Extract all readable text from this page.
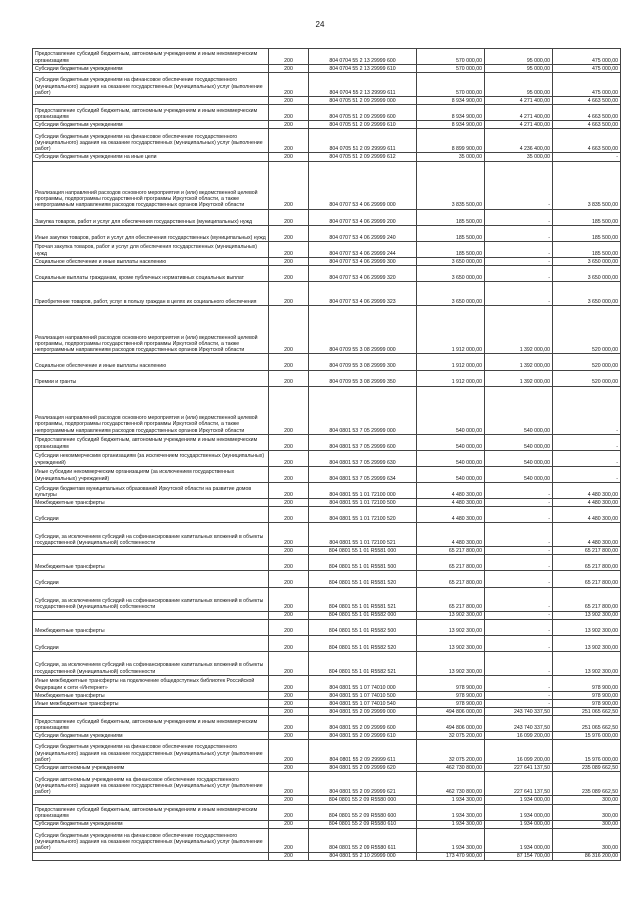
24
Предоставление субсидий бюджетным, автономным учреждениям и иным некоммерческим организациям	200	804 0704 55 2 13 29999 600	570 000,00	95 000,00	475 000,00
Субсидии бюджетным учреждениям	200	804 0704 55 2 13 29999 610	570 000,00	95 000,00	475 000,00
Субсидии бюджетным учреждениям на финансовое обеспечение государственного (муниципального) задания на оказание государственных (муниципальных) услуг (выполнение работ)	200	804 0704 55 2 13 29999 611	570 000,00	95 000,00	475 000,00
	200	804 0705 51 2 09 29999 000	8 934 900,00	4 271 400,00	4 663 500,00
Предоставление субсидий бюджетным, автономным учреждениям и иным некоммерческим организациям	200	804 0705 51 2 09 29999 600	8 934 900,00	4 271 400,00	4 663 500,00
Субсидии бюджетным учреждениям	200	804 0705 51 2 09 29999 610	8 934 900,00	4 271 400,00	4 663 500,00
Субсидии бюджетным учреждениям на финансовое обеспечение государственного (муниципального) задания на оказание государственных (муниципальных) услуг (выполнение работ)	200	804 0705 51 2 09 29999 611	8 899 900,00	4 236 400,00	4 663 500,00
Субсидии бюджетным учреждениям на иные цели	200	804 0705 51 2 09 29999 612	35 000,00	35 000,00	-
Реализация направлений расходов основного мероприятия и (или) ведомственной целевой программы, подпрограммы государственной программы Иркутской области, а также непрограммным направлениям расходов государственных органов Иркутской области	200	804 0707 53 4 06 29999 000	3 835 500,00	-	3 835 500,00
Закупка товаров, работ и услуг для обеспечения государственных (муниципальных) нужд	200	804 0707 53 4 06 29999 200	185 500,00	-	185 500,00
Иные закупки товаров, работ и услуг для обеспечения государственных (муниципальных) нужд	200	804 0707 53 4 06 29999 240	185 500,00	-	185 500,00
Прочая закупка товаров, работ и услуг для обеспечения государственных (муниципальных) нужд	200	804 0707 53 4 06 29999 244	185 500,00	-	185 500,00
Социальное обеспечение и иные выплаты населению	200	804 0707 53 4 06 29999 300	3 650 000,00	-	3 650 000,00
Социальные выплаты гражданам, кроме публичных нормативных социальных выплат	200	804 0707 53 4 06 29999 320	3 650 000,00	-	3 650 000,00
Приобретение товаров, работ, услуг в пользу граждан в целях их социального обеспечения	200	804 0707 53 4 06 29999 323	3 650 000,00	-	3 650 000,00
Реализация направлений расходов основного мероприятия и (или) ведомственной целевой программы, подпрограммы государственной программы Иркутской области, а также непрограммным направлениям расходов государственных органов Иркутской области	200	804 0709 55 3 08 29999 000	1 912 000,00	1 392 000,00	520 000,00
Социальное обеспечение и иные выплаты населению	200	804 0709 55 3 08 29999 300	1 912 000,00	1 392 000,00	520 000,00
Премии и гранты	200	804 0709 55 3 08 29999 350	1 912 000,00	1 392 000,00	520 000,00
Реализация направлений расходов основного мероприятия и (или) ведомственной целевой программы, подпрограммы государственной программы Иркутской области, а также непрограммным направлениям расходов государственных органов Иркутской области	200	804 0801 53 7 05 29999 000	540 000,00	540 000,00	-
Предоставление субсидий бюджетным, автономным учреждениям и иным некоммерческим организациям	200	804 0801 53 7 05 29999 600	540 000,00	540 000,00	-
Субсидии некоммерческим организациям (за исключением государственных (муниципальных) учреждений)	200	804 0801 53 7 05 29999 630	540 000,00	540 000,00	-
Иные субсидии некоммерческим организациям (за исключением государственных (муниципальных) учреждений)	200	804 0801 53 7 05 29999 634	540 000,00	540 000,00	-
Субсидии бюджетам муниципальных образований Иркутской области на развитие домов культуры	200	804 0801 55 1 01 72100 000	4 480 300,00	-	4 480 300,00
Межбюджетные трансферты	200	804 0801 55 1 01 72100 500	4 480 300,00	-	4 480 300,00
Субсидии	200	804 0801 55 1 01 72100 520	4 480 300,00	-	4 480 300,00
Субсидии, за исключением субсидий на софинансирование капитальных вложений в объекты государственной (муниципальной) собственности	200	804 0801 55 1 01 72100 521	4 480 300,00	-	4 480 300,00
	200	804 0801 55 1 01 R5581 000	65 217 800,00	-	65 217 800,00
Межбюджетные трансферты	200	804 0801 55 1 01 R5581 500	65 217 800,00	-	65 217 800,00
Субсидии	200	804 0801 55 1 01 R5581 520	65 217 800,00	-	65 217 800,00
Субсидии, за исключением субсидий на софинансирование капитальных вложений в объекты государственной (муниципальной) собственности	200	804 0801 55 1 01 R5581 521	65 217 800,00	-	65 217 800,00
	200	804 0801 55 1 01 R5582 000	13 902 300,00	-	13 902 300,00
Межбюджетные трансферты	200	804 0801 55 1 01 R5582 500	13 902 300,00	-	13 902 300,00
Субсидии	200	804 0801 55 1 01 R5582 520	13 902 300,00	-	13 902 300,00
Субсидии, за исключением субсидий на софинансирование капитальных вложений в объекты государственной (муниципальной) собственности	200	804 0801 55 1 01 R5582 521	13 902 300,00	-	13 902 300,00
Иные межбюджетные трансферты на подключение общедоступных библиотек Российской Федерации к сети «Интернет»	200	804 0801 55 1 07 74010 000	978 900,00	-	978 900,00
Межбюджетные трансферты	200	804 0801 55 1 07 74010 500	978 900,00	-	978 900,00
Иные межбюджетные трансферты	200	804 0801 55 1 07 74010 540	978 900,00	-	978 900,00
	200	804 0801 55 2 09 29999 000	494 806 000,00	243 740 337,50	251 065 662,50
Предоставление субсидий бюджетным, автономным учреждениям и иным некоммерческим организациям	200	804 0801 55 2 09 29999 600	494 806 000,00	243 740 337,50	251 065 662,50
Субсидии бюджетным учреждениям	200	804 0801 55 2 09 29999 610	32 075 200,00	16 099 200,00	15 976 000,00
Субсидии бюджетным учреждениям на финансовое обеспечение государственного (муниципального) задания на оказание государственных (муниципальных) услуг (выполнение работ)	200	804 0801 55 2 09 29999 611	32 075 200,00	16 099 200,00	15 976 000,00
Субсидии автономным учреждениям	200	804 0801 55 2 09 29999 620	462 730 800,00	227 641 137,50	235 089 662,50
Субсидии автономным учреждениям на финансовое обеспечение государственного (муниципального) задания на оказание государственных (муниципальных) услуг (выполнение работ)	200	804 0801 55 2 09 29999 621	462 730 800,00	227 641 137,50	235 089 662,50
	200	804 0801 55 2 09 R5580 000	1 934 300,00	1 934 000,00	300,00
Предоставление субсидий бюджетным, автономным учреждениям и иным некоммерческим организациям	200	804 0801 55 2 09 R5580 600	1 934 300,00	1 934 000,00	300,00
Субсидии бюджетным учреждениям	200	804 0801 55 2 09 R5580 610	1 934 300,00	1 934 000,00	300,00
Субсидии бюджетным учреждениям на финансовое обеспечение государственного (муниципального) задания на оказание государственных (муниципальных) услуг (выполнение работ)	200	804 0801 55 2 09 R5580 611	1 934 300,00	1 934 000,00	300,00
	200	804 0801 55 2 10 29999 000	173 470 900,00	87 154 700,00	86 316 200,00
